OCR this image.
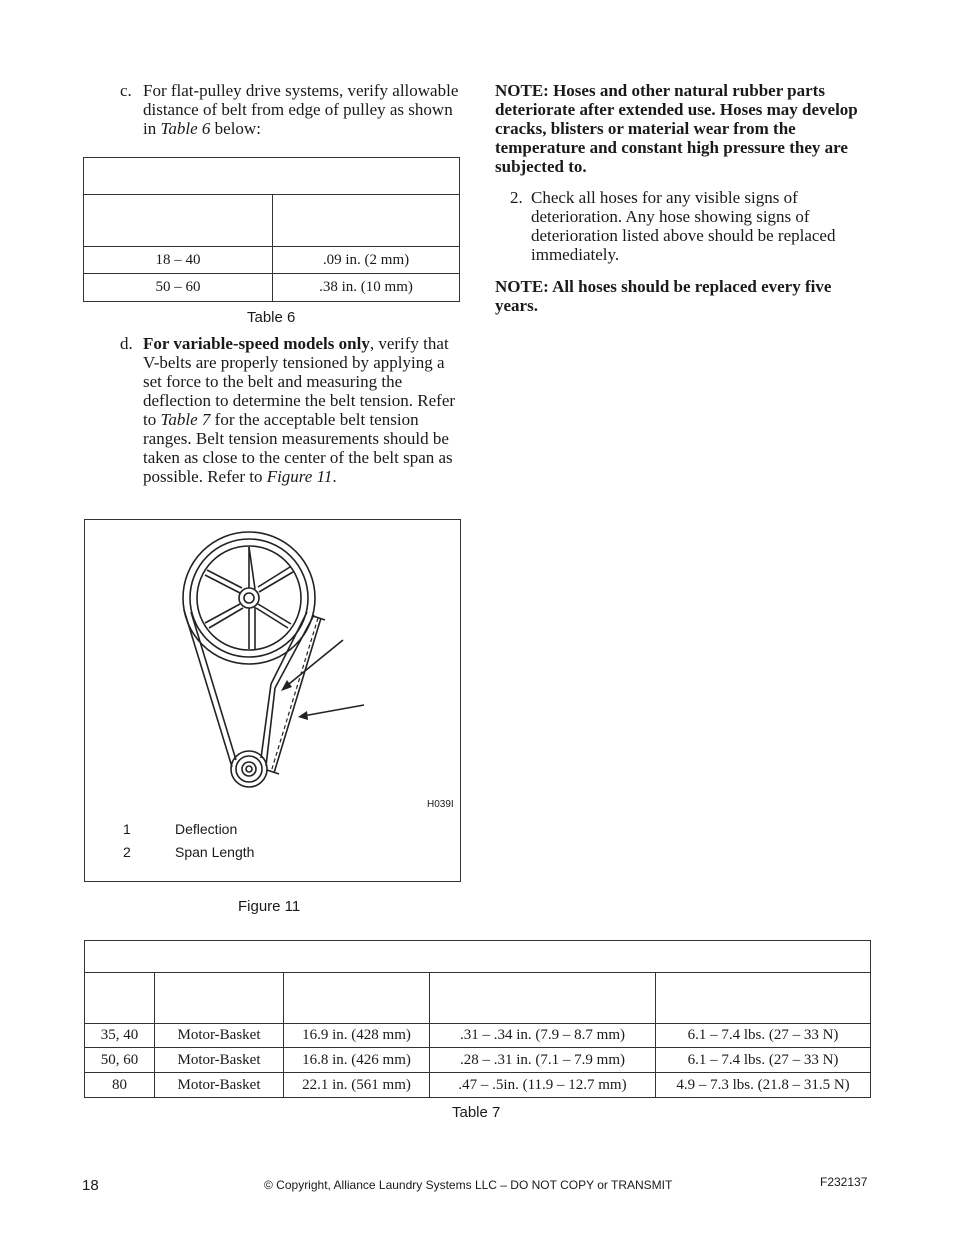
c. For flat-pulley drive systems, verify allowable distance of belt from edge of pulley as shown in Table 6 below:

18 – 40	.09 in. (2 mm)
50 – 60	.38 in. (10 mm)
Table 6
d. For variable-speed models only, verify that V-belts are properly tensioned by applying a set force to the belt and measuring the deflection to determine the belt tension. Refer to Table 7 for the acceptable belt tension ranges. Belt tension measurements should be taken as close to the center of the belt span as possible. Refer to Figure 11.
H039I
1	Deflection
2	Span Length
Figure 11
NOTE: Hoses and other natural rubber parts deteriorate after extended use. Hoses may develop cracks, blisters or material wear from the temperature and constant high pressure they are subjected to.
2. Check all hoses for any visible signs of deterioration. Any hose showing signs of deterioration listed above should be replaced immediately.
NOTE: All hoses should be replaced every five years.

35, 40	Motor-Basket	16.9 in. (428 mm)	.31 – .34 in. (7.9 – 8.7 mm)	6.1 – 7.4 lbs. (27 – 33 N)
50, 60	Motor-Basket	16.8 in. (426 mm)	.28 – .31 in. (7.1 – 7.9 mm)	6.1 – 7.4 lbs. (27 – 33 N)
80	Motor-Basket	22.1 in. (561 mm)	.47 – .5in. (11.9 – 12.7 mm)	4.9 – 7.3 lbs. (21.8 – 31.5 N)
Table 7
18	© Copyright, Alliance Laundry Systems LLC – DO NOT COPY or TRANSMIT	F232137
